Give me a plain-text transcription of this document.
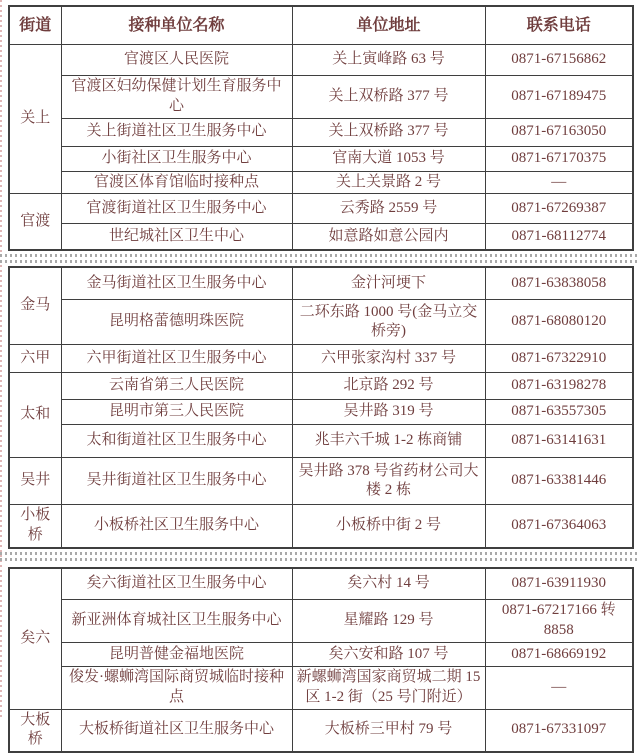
街道	接种单位名称	单位地址	联系电话
关上	官渡区人民医院	关上寅峰路 63 号	0871-67156862
	官渡区妇幼保健计划生育服务中心	关上双桥路 377 号	0871-67189475
	关上街道社区卫生服务中心	关上双桥路 377 号	0871-67163050
	小街社区卫生服务中心	官南大道 1053 号	0871-67170375
	官渡区体育馆临时接种点	关上关景路 2 号	—
官渡	官渡街道社区卫生服务中心	云秀路 2559 号	0871-67269387
	世纪城社区卫生中心	如意路如意公园内	0871-68112774
金马	金马街道社区卫生服务中心	金汁河埂下	0871-63838058
	昆明格蕾德明珠医院	二环东路 1000 号(金马立交桥旁)	0871-68080120
六甲	六甲街道社区卫生服务中心	六甲张家沟村 337 号	0871-67322910
太和	云南省第三人民医院	北京路 292 号	0871-63198278
	昆明市第三人民医院	吴井路 319 号	0871-63557305
	太和街道社区卫生服务中心	兆丰六千城 1-2 栋商铺	0871-63141631
吴井	吴井街道社区卫生服务中心	吴井路 378 号省药材公司大楼 2 栋	0871-63381446
小板桥	小板桥社区卫生服务中心	小板桥中街 2 号	0871-67364063
矣六	矣六街道社区卫生服务中心	矣六村 14 号	0871-63911930
	新亚洲体育城社区卫生服务中心	星耀路 129 号	0871-67217166 转 8858
	昆明普健金福地医院	矣六安和路 107 号	0871-68669192
	俊发·螺蛳湾国际商贸城临时接种点	新螺蛳湾国家商贸城二期 15 区 1-2 街（25 号门附近）	—
大板桥	大板桥街道社区卫生服务中心	大板桥三甲村 79 号	0871-67331097
